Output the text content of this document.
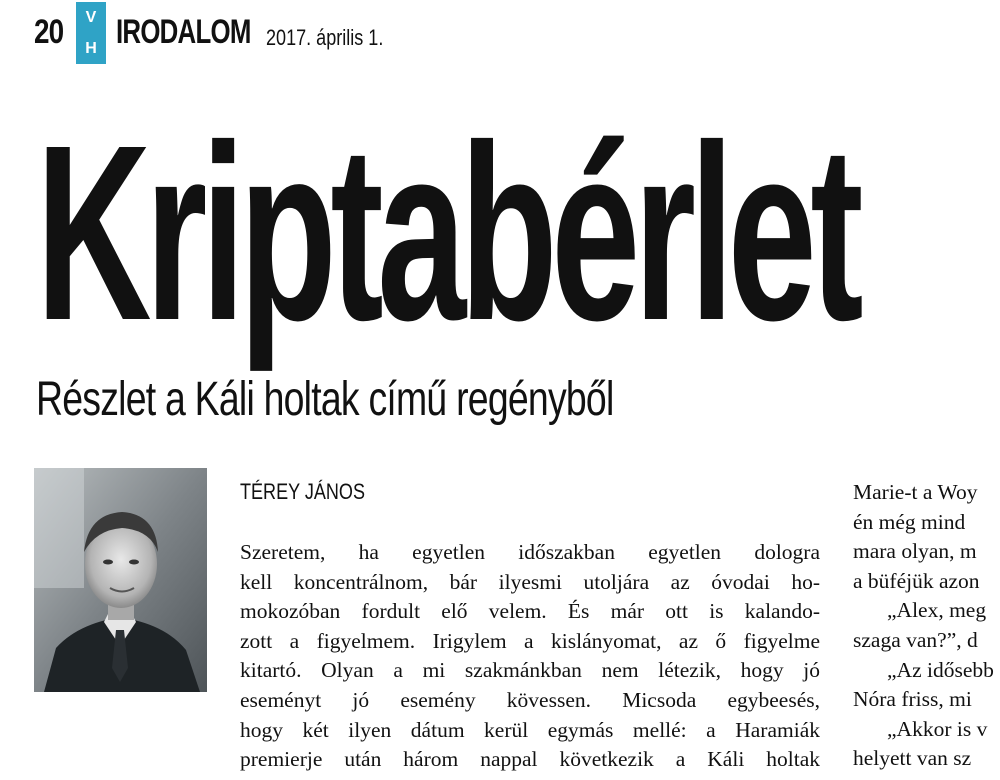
20 V
H IRODALOM 2017. április 1.
Kriptabérlet
Részlet a Káli holtak című regényből
TÉREY JÁNOS
Szeretem, ha egyetlen időszakban egyetlen dologra
kell koncentrálnom, bár ilyesmi utoljára az óvodai ho-
mokozóban fordult elő velem. És már ott is kalando-
zott a figyelmem. Irigylem a kislányomat, az ő figyelme
kitartó. Olyan a mi szakmánkban nem létezik, hogy jó
eseményt jó esemény kövessen. Micsoda egybeesés,
hogy két ilyen dátum kerül egymás mellé: a Haramiák
premierje után három nappal következik a Káli holtak
Marie-t a Woy
én még mind
mara olyan, m
a büféjük azon
„Alex, meg
szaga van?”, d
„Az idősebb
Nóra friss, mi
„Akkor is v
helyett van sz
